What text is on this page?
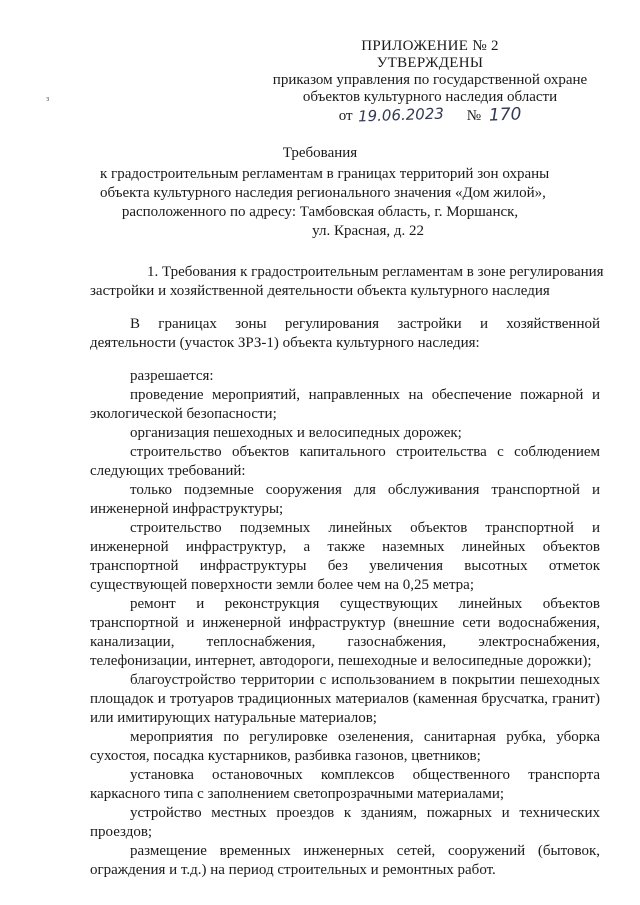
з
ПРИЛОЖЕНИЕ № 2
УТВЕРЖДЕНЫ
приказом управления по государственной охране
объектов культурного наследия области
от 19.06.2023 № 170
Требования
к градостроительным регламентам в границах территорий зон охраны
объекта культурного наследия регионального значения «Дом жилой»,
расположенного по адресу: Тамбовская область, г. Моршанск,
ул. Красная, д. 22
1. Требования к градостроительным регламентам в зоне регулирования
застройки и хозяйственной деятельности объекта культурного наследия

В границах зоны регулирования застройки и хозяйственной деятельности (участок ЗРЗ-1) объекта культурного наследия:

разрешается:

проведение мероприятий, направленных на обеспечение пожарной и экологической безопасности;

организация пешеходных и велосипедных дорожек;

строительство объектов капитального строительства с соблюдением следующих требований:

только подземные сооружения для обслуживания транспортной и инженерной инфраструктуры;

строительство подземных линейных объектов транспортной и инженерной инфраструктур, а также наземных линейных объектов транспортной инфраструктуры без увеличения высотных отметок существующей поверхности земли более чем на 0,25 метра;

ремонт и реконструкция существующих линейных объектов транспортной и инженерной инфраструктур (внешние сети водоснабжения, канализации, теплоснабжения, газоснабжения, электроснабжения, телефонизации, интернет, автодороги, пешеходные и велосипедные дорожки);

благоустройство территории с использованием в покрытии пешеходных площадок и тротуаров традиционных материалов (каменная брусчатка, гранит) или имитирующих натуральные материалов;

мероприятия по регулировке озеленения, санитарная рубка, уборка сухостоя, посадка кустарников, разбивка газонов, цветников;

установка остановочных комплексов общественного транспорта каркасного типа с заполнением светопрозрачными материалами;

устройство местных проездов к зданиям, пожарных и технических проездов;

размещение временных инженерных сетей, сооружений (бытовок, ограждения и т.д.) на период строительных и ремонтных работ.
